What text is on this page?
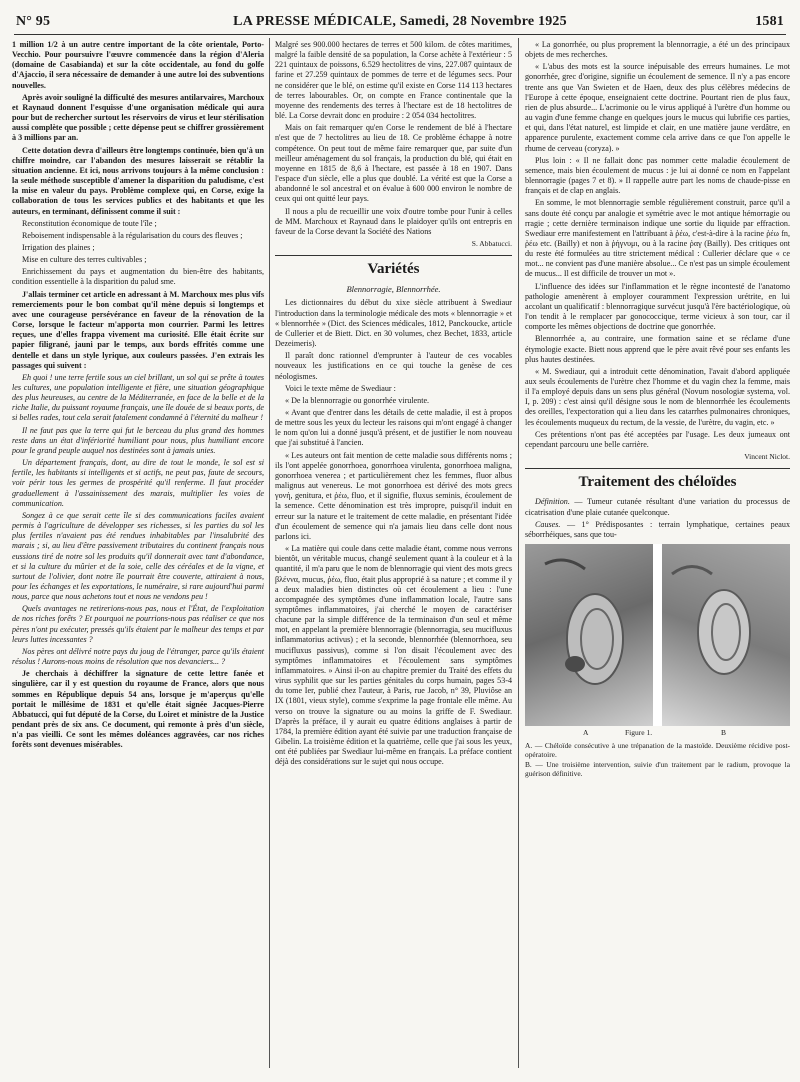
N° 95	LA PRESSE MÉDICALE, Samedi, 28 Novembre 1925	1581

1 million 1/2 à un autre centre important de la côte orientale, Porto-Vecchio. Pour poursuivre l'œuvre commencée dans la région d'Aleria (domaine de Casabianda) et sur la côte occidentale, au fond du golfe d'Ajaccio, il sera nécessaire de demander à une autre loi des subventions nouvelles.

Après avoir souligné la difficulté des mesures antilarvaires, Marchoux et Raynaud donnent l'esquisse d'une organisation médicale qui aura pour but de rechercher surtout les réservoirs de virus et leur stérilisation aussi complète que possible ; cette dépense peut se chiffrer grossièrement à 3 millions par an.

Cette dotation devra d'ailleurs être longtemps continuée, bien qu'à un chiffre moindre, car l'abandon des mesures laisserait se rétablir la situation ancienne. Et ici, nous arrivons toujours à la même conclusion : la seule méthode susceptible d'amener la disparition du paludisme, c'est la mise en valeur du pays. Problème complexe qui, en Corse, exige la collaboration de tous les services publics et des habitants et que les auteurs, en terminant, définissent comme il suit :

Reconstitution économique de toute l'île ;

Reboisement indispensable à la régularisation du cours des fleuves ;

Irrigation des plaines ;

Mise en culture des terres cultivables ;

Enrichissement du pays et augmentation du bien-être des habitants, condition essentielle à la disparition du palud sme.

J'allais terminer cet article en adressant à M. Marchoux mes plus vifs remerciements pour le bon combat qu'il mène depuis si longtemps et avec une courageuse persévérance en faveur de la rénovation de la Corse, lorsque le facteur m'apporta mon courrier. Parmi les lettres reçues, une d'elles frappa vivement ma curiosité. Elle était écrite sur papier filigrané, jauni par le temps, aux bords effrités comme une dentelle et dans un style lyrique, aux couleurs passées. J'en extrais les passages qui suivent :

Eh quoi ! une terre fertile sous un ciel brillant, un sol qui se prête à toutes les cultures, une population intelligente et fière, une situation géographique des plus heureuses, au centre de la Méditerranée, en face de la belle et de la riche Italie, du puissant royaume français, une île douée de si beaux ports, de si belles rades, tout cela serait fatalement condamné à l'éternité du malheur !

Il ne faut pas que la terre qui fut le berceau du plus grand des hommes reste dans un état d'infériorité humiliant pour nous, plus humiliant encore pour le grand peuple auquel nos destinées sont à jamais unies.

Un département français, dont, au dire de tout le monde, le sol est si fertile, les habitants si intelligents et si actifs, ne peut pas, faute de secours, voir périr tous les germes de prospérité qu'il renferme. Il faut procéder graduellement à l'assainissement des marais, multiplier les voies de communication.

Songez à ce que serait cette île si des communications faciles avaient permis à l'agriculture de développer ses richesses, si les parties du sol les plus fertiles n'avaient pas été rendues inhabitables par l'insalubrité des marais ; si, au lieu d'être passivement tributaires du continent français nous eussions tiré de notre sol les produits qu'il donnerait avec tant d'abondance, et si la culture du mûrier et de la soie, celle des céréales et de la vigne, et surtout de l'olivier, dont notre île pourrait être couverte, attiraient à nous, pour les échanges et les exportations, le numéraire, si rare aujourd'hui parmi nous, parce que nous achetons tout et nous ne vendons peu !

Quels avantages ne retirerions-nous pas, nous et l'État, de l'exploitation de nos riches forêts ? Et pourquoi ne pourrions-nous pas réaliser ce que nos pères n'ont pu exécuter, pressés qu'ils étaient par le malheur des temps et par leurs luttes incessantes ?

Nos pères ont délivré notre pays du joug de l'étranger, parce qu'ils étaient résolus ! Aurons-nous moins de résolution que nos devanciers... ?

Je cherchais à déchiffrer la signature de cette lettre fanée et singulière, car il y est question du royaume de France, alors que nous sommes en République depuis 54 ans, lorsque je m'aperçus qu'elle portait le millésime de 1831 et qu'elle était signée Jacques-Pierre Abbatucci, qui fut député de la Corse, du Loiret et ministre de la Justice pendant près de six ans. Ce document, qui remonte à près d'un siècle, n'a pas vieilli. Ce sont les mêmes doléances aggravées, car nos riches forêts sont devenues misérables.

Malgré ses 900.000 hectares de terres et 500 kilom. de côtes maritimes, malgré la faible densité de sa population, la Corse achète à l'extérieur : 5 221 quintaux de poissons, 6.529 hectolitres de vins, 227.087 quintaux de farine et 27.259 quintaux de pommes de terre et de légumes secs. Pour ne considérer que le blé, on estime qu'il existe en Corse 114 113 hectares de terres labourables. Or, on compte en France continentale que la moyenne des rendements des terres à l'hectare est de 18 hectolitres de blé. La Corse devrait donc en produire : 2 054 034 hectolitres.

Mais on fait remarquer qu'en Corse le rendement de blé à l'hectare n'est que de 7 hectolitres au lieu de 18. Ce problème échappe à notre compétence. On peut tout de même faire remarquer que, par suite d'un meilleur aménagement du sol français, la production du blé, qui était en moyenne en 1815 de 8,6 à l'hectare, est passée à 18 en 1907. Dans l'espace d'un siècle, elle a plus que doublé. La vérité est que la Corse a abandonné le sol ancestral et on évalue à 600 000 environ le nombre de ceux qui ont quitté leur pays.

Il nous a plu de recueillir une voix d'outre tombe pour l'unir à celles de MM. Marchoux et Raynaud dans le plaidoyer qu'ils ont entrepris en faveur de la Corse devant la Société des Nations

S. Abbatucci.
Variétés
Blennorragie, Blennorrhée.

Les dictionnaires du début du xixe siècle attribuent à Swediaur l'introduction dans la terminologie médicale des mots « blennorragie » et « blennorrhée » (Dict. des Sciences médicales, 1812, Panckoucke, article de Cullerier et de Biett. Dict. en 30 volumes, chez Bechet, 1833, article Dezeimeris).

Il paraît donc rationnel d'emprunter à l'auteur de ces vocables nouveaux les justifications en ce qui touche la genèse de ces néologismes.

Voici le texte même de Swediaur :

« De la blennorragie ou gonorrhée virulente.

« Avant que d'entrer dans les détails de cette maladie, il est à propos de mettre sous les yeux du lecteur les raisons qui m'ont engagé à changer le nom qu'on lui a donné jusqu'à présent, et de justifier le nom nouveau que j'ai substitué à l'ancien.

« Les auteurs ont fait mention de cette maladie sous différents noms ; ils l'ont appelée gonorrhoea, gonorrhoea virulenta, gonorrhoea maligna, gonorrhoea venerea ; et particulièrement chez les femmes, fluor albus malignus aut venereus. Le mot gonorrhoea est dérivé des mots grecs γονή, genitura, et ῥέω, fluo, et il signifie, fluxus seminis, écoulement de la semence. Cette dénomination est très impropre, puisqu'il induit en erreur sur la nature et le traitement de cette maladie, en présentant l'idée d'un écoulement de semence qui n'a jamais lieu dans celle dont nous parlons ici.

« La matière qui coule dans cette maladie étant, comme nous verrons bientôt, un véritable mucus, changé seulement quant à la couleur et à la quantité, il m'a paru que le nom de blennorragie qui vient des mots grecs βλέννα, mucus, ῥέω, fluo, était plus approprié à sa nature ; et comme il y a deux maladies bien distinctes où cet écoulement a lieu : l'une accompagnée des symptômes d'une inflammation locale, l'autre sans symptômes inflammatoires, j'ai cherché le moyen de caractériser chacune par la simple différence de la terminaison d'un seul et même mot, en appelant la première blennorragie (blennorragia, seu mucifluxus inflammatorius activus) ; et la seconde, blennorrhée (blennorrhoea, seu mucifluxus passivus), comme si l'on disait l'écoulement avec des symptômes inflammatoires et l'écoulement sans symptômes inflammatoires. » Ainsi il-on au chapitre premier du Traité des effets du virus syphilit que sur les parties génitales du corps humain, pages 53-4 du tome Ier, publié chez l'auteur, à Paris, rue Jacob, n° 39, Pluviôse an IX (1801, vieux style), comme s'exprime la page frontale elle même. Au verso on trouve la signature ou au moins la griffe de F. Swediaur. D'après la préface, il y aurait eu quatre éditions anglaises à partir de 1784, la première édition ayant été suivie par une traduction française de Gibelin. La troisième édition et la quatrième, celle que j'ai sous les yeux, ont été publiées par Swediaur lui-même en français. La préface contient déjà des considérations sur le sujet qui nous occupe.

« La gonorrhée, ou plus proprement la blennorragie, a été un des principaux objets de mes recherches.

« L'abus des mots est la source inépuisable des erreurs humaines. Le mot gonorrhée, grec d'origine, signifie un écoulement de semence. Il n'y a pas encore trente ans que Van Swieten et de Haen, deux des plus célèbres médecins de l'Europe à cette époque, enseignaient cette doctrine. Pourtant rien de plus faux, rien de plus absurde... L'acrimonie ou le virus appliqué à l'urètre d'un homme ou au vagin d'une femme change en quelques jours le mucus qui lubrifie ces parties, et qui, dans l'état naturel, est limpide et clair, en une matière jaune verdâtre, en apparence purulente, exactement comme cela arrive dans ce que l'on appelle le rhume de cerveau (coryza). »

Plus loin : « Il ne fallait donc pas nommer cette maladie écoulement de semence, mais bien écoulement de mucus : je lui ai donné ce nom en l'appelant blennorragie (pages 7 et 8). » Il rappelle autre part les noms de chaude-pisse en français et de clap en anglais.

En somme, le mot blennorragie semble régulièrement construit, parce qu'il a sans doute été conçu par analogie et symétrie avec le mot antique hémorragie ou rragie ; cette dernière terminaison indique une sortie du liquide par effraction. Swediaur erre manifestement en l'attribuant à ῥέω, c'est-à-dire à la racine ῥέω fn, ῥέω etc. (Bailly) et non à ῥήγνυμι, ou à la racine ῥαγ (Bailly). Des critiques ont du reste été formulées au titre strictement médical : Cullerier déclare que « ce mot... ne convient pas d'une manière absolue... Ce n'est pas un simple écoulement de mucus... Il est difficile de trouver un mot ».

L'influence des idées sur l'inflammation et le règne incontesté de l'anatomo pathologie amenèrent à employer couramment l'expression urétrite, en lui accolant un qualificatif : blennorragique survécut jusqu'à l'ère bactériologique, où l'on tendit à le remplacer par gonococcique, terme vicieux à son tour, car il comporte les mêmes objections de doctrine que gonorrhée.

Blennorrhée a, au contraire, une formation saine et se réclame d'une étymologie exacte. Biett nous apprend que le père avait rêvé pour ses enfants les plus hautes destinées.

« M. Swediaur, qui a introduit cette dénomination, l'avait d'abord appliquée aux seuls écoulements de l'urètre chez l'homme et du vagin chez la femme, mais il l'a employé depuis dans un sens plus général (Novum nosologiæ systema, vol. I, p. 209) : c'est ainsi qu'il désigne sous le nom de blennorrhée les écoulements des oreilles, l'expectoration qui a lieu dans les catarrhes pulmonaires chroniques, les écoulements muqueux du rectum, de la vessie, de l'urètre, du vagin, etc. »

Ces prétentions n'ont pas été acceptées par l'usage. Les deux jumeaux ont cependant parcouru une belle carrière.

Vincent Niclot.
Traitement des chéloïdes

Définition. — Tumeur cutanée résultant d'une variation du processus de cicatrisation d'une plaie cutanée quelconque.

Causes. — 1° Prédisposantes : terrain lymphatique, certaines peaux séborrhéiques, sans que tou-

A	Figure 1.	B

A. — Chéloïde consécutive à une trépanation de la mastoïde. Deuxième récidive post-opératoire.

B. — Une troisième intervention, suivie d'un traitement par le radium, provoque la guérison définitive.
